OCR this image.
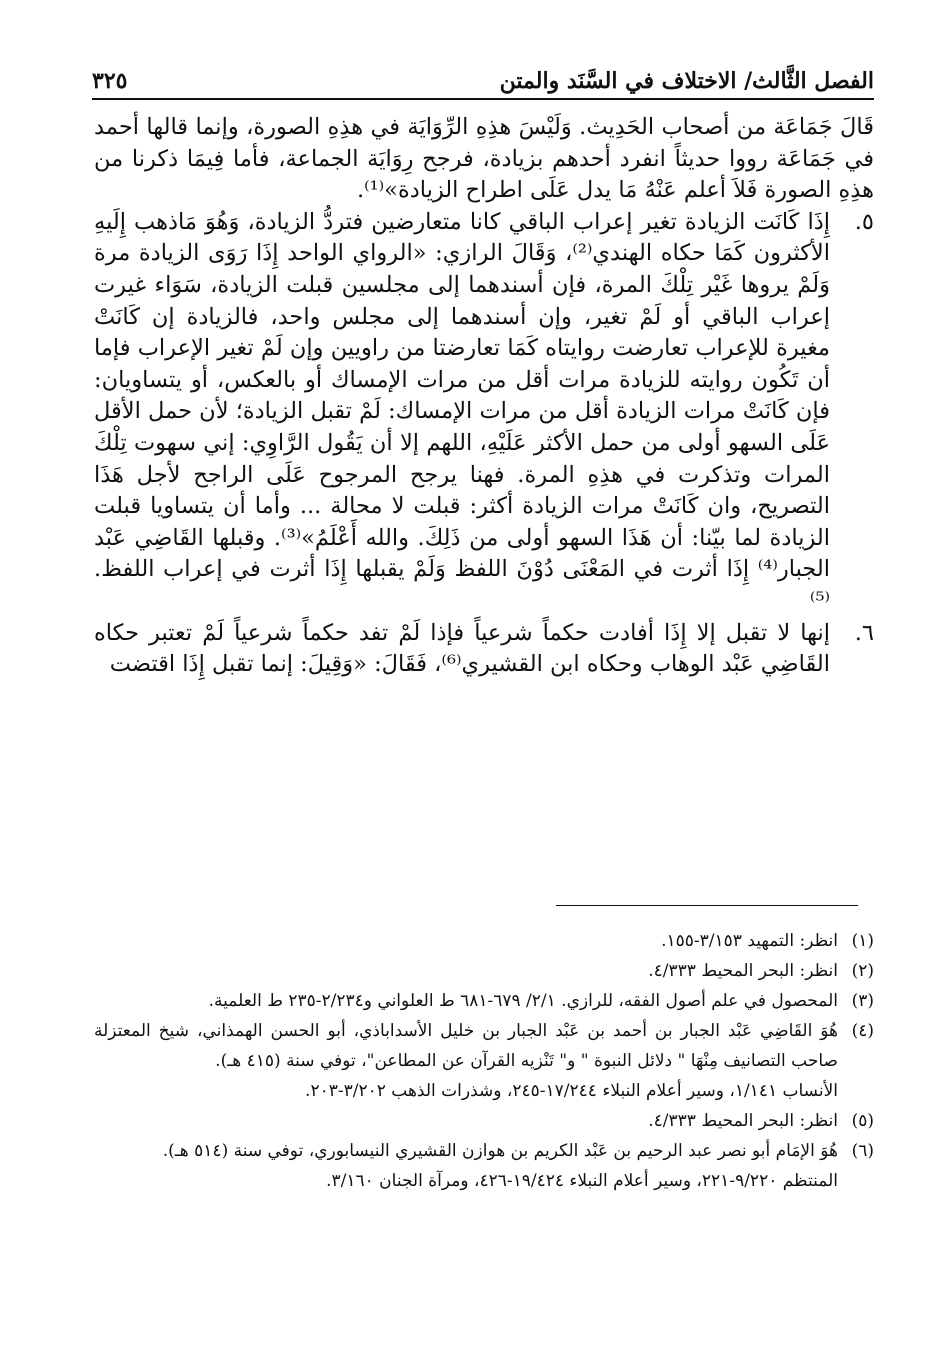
الفصل الثَّالث/ الاختلاف في السَّنَد والمتن
٣٢٥

قَالَ جَمَاعَة من أصحاب الحَدِيث. وَلَيْسَ هذِهِ الرِّوَايَة في هذِهِ الصورة، وإنما قالها أحمد في جَمَاعَة رووا حديثاً انفرد أحدهم بزيادة، فرجح رِوَايَة الجماعة، فأما فِيمَا ذكرنا من هذِهِ الصورة فَلاَ أعلم عَنْهُ مَا يدل عَلَى اطراح الزيادة»⁽¹⁾.

٥.
إِذَا كَانَت الزيادة تغير إعراب الباقي كانا متعارضين فتردُّ الزيادة، وَهُوَ مَاذهب إِلَيهِ الأكثرون كَمَا حكاه الهندي⁽²⁾، وَقَالَ الرازي: «الرواي الواحد إِذَا رَوَى الزيادة مرة وَلَمْ يروها غَيْر تِلْكَ المرة، فإن أسندهما إلى مجلسين قبلت الزيادة، سَوَاء غيرت إعراب الباقي أو لَمْ تغير، وإن أسندهما إلى مجلس واحد، فالزيادة إن كَانَتْ مغيرة للإعراب تعارضت روايتاه كَمَا تعارضتا من راويين وإن لَمْ تغير الإعراب فإما أن تَكُون روايته للزيادة مرات أقل من مرات الإمساك أو بالعكس، أو يتساويان: فإن كَانَتْ مرات الزيادة أقل من مرات الإمساك: لَمْ تقبل الزيادة؛ لأن حمل الأقل عَلَى السهو أولى من حمل الأكثر عَلَيْهِ، اللهم إلا أن يَقُول الرَّاوِي: إني سهوت تِلْكَ المرات وتذكرت في هذِهِ المرة. فهنا يرجح المرجوح عَلَى الراجح لأجل هَذَا التصريح، وان كَانَتْ مرات الزيادة أكثر: قبلت لا محالة ... وأما أن يتساويا قبلت الزيادة لما بيّنا: أن هَذَا السهو أولى من ذَلِكَ. والله أَعْلَمُ»⁽³⁾. وقبلها القَاضِي عَبْد الجبار⁽⁴⁾ إِذَا أثرت في المَعْنَى دُوْنَ اللفظ وَلَمْ يقبلها إِذَا أثرت في إعراب اللفظ.⁽⁵⁾
٦.
إنها لا تقبل إلا إِذَا أفادت حكماً شرعياً فإذا لَمْ تفد حكماً شرعياً لَمْ تعتبر حكاه القَاضِي عَبْد الوهاب وحكاه ابن القشيري⁽⁶⁾، فَقَالَ: «وَقِيلَ: إنما تقبل إِذَا اقتضت
(١)
انظر: التمهيد ٣/١٥٣-١٥٥.
(٢)
انظر: البحر المحيط ٤/٣٣٣.
(٣)
المحصول في علم أصول الفقه، للرازي. ٢/١/ ٦٧٩-٦٨١ ط العلواني و٢/٢٣٤-٢٣٥ ط العلمية.
(٤)
هُوَ القَاضِي عَبْد الجبار بن أحمد بن عَبْد الجبار بن خليل الأسداباذي، أبو الحسن الهمذاني، شيخ المعتزلة صاحب التصانيف مِنْهَا " دلائل النبوة " و" تَنْزيه القرآن عن المطاعن"، توفي سنة (٤١٥ هـ).
الأنساب ١/١٤١، وسير أعلام النبلاء ١٧/٢٤٤-٢٤٥، وشذرات الذهب ٣/٢٠٢-٢٠٣.
(٥)
انظر: البحر المحيط ٤/٣٣٣.
(٦)
هُوَ الإمَام أبو نصر عبد الرحيم بن عَبْد الكريم بن هوازن القشيري النيسابوري، توفي سنة (٥١٤ هـ).
المنتظم ٩/٢٢٠-٢٢١، وسير أعلام النبلاء ١٩/٤٢٤-٤٢٦، ومرآة الجنان ٣/١٦٠.
